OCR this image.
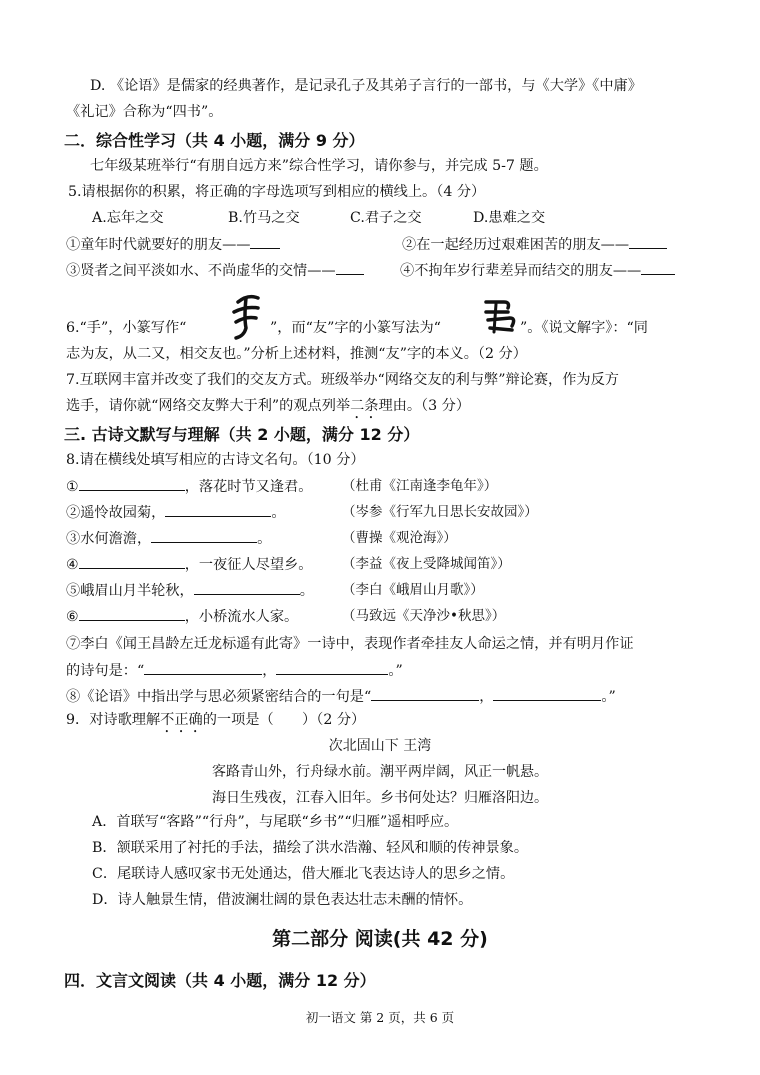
D. 《论语》是儒家的经典著作，是记录孔子及其弟子言行的一部书，与《大学》《中庸》
《礼记》合称为“四书”。
二．综合性学习（共 4 小题，满分 9 分）
七年级某班举行“有朋自远方来”综合性学习，请你参与，并完成 5-7 题。
5.请根据你的积累，将正确的字母选项写到相应的横线上。（4 分）
A.忘年之交	B.竹马之交	C.君子之交	D.患难之交
①童年时代就要好的朋友——	②在一起经历过艰难困苦的朋友——
③贤者之间平淡如水、不尚虚华的交情——	④不拘年岁行辈差异而结交的朋友——
6.“手”，小篆写作“	”，而“友”字的小篆写法为“	”。《说文解字》：“同
志为友，从二又，相交友也。”分析上述材料，推测“友”字的本义。（2 分）
7.互联网丰富并改变了我们的交友方式。班级举办“网络交友的利与弊”辩论赛，作为反方
选手，请你就“网络交友弊大于利”的观点列举二条理由。（3 分）
三. 古诗文默写与理解（共 2 小题，满分 12 分）
8.请在横线处填写相应的古诗文名句。（10 分）
①	，落花时节又逢君。 （杜甫《江南逢李龟年》）
②遥怜故园菊，	。	（岑参《行军九日思长安故园》）
③水何澹澹，	。	（曹操《观沧海》）
④	，一夜征人尽望乡。 （李益《夜上受降城闻笛》）
⑤峨眉山月半轮秋，	。 （李白《峨眉山月歌》）
⑥	，小桥流水人家。	（马致远《天净沙•秋思》）
⑦李白《闻王昌龄左迁龙标遥有此寄》一诗中，表现作者牵挂友人命运之情，并有明月作证
的诗句是：“	，	。”
⑧《论语》中指出学与思必须紧密结合的一句是“	，	。”
9．对诗歌理解不正确的一项是（　　）（2 分）
次北固山下 王湾
客路青山外，行舟绿水前。潮平两岸阔，风正一帆悬。
海日生残夜，江春入旧年。乡书何处达？归雁洛阳边。
A．首联写“客路”“行舟”，与尾联“乡书”“归雁”遥相呼应。
B．颔联采用了衬托的手法，描绘了洪水浩瀚、轻风和顺的传神景象。
C．尾联诗人感叹家书无处通达，借大雁北飞表达诗人的思乡之情。
D．诗人触景生情，借波澜壮阔的景色表达壮志未酬的情怀。
第二部分 阅读(共 42 分)
四．文言文阅读（共 4 小题，满分 12 分）
初一语文 第 2 页，共 6 页
